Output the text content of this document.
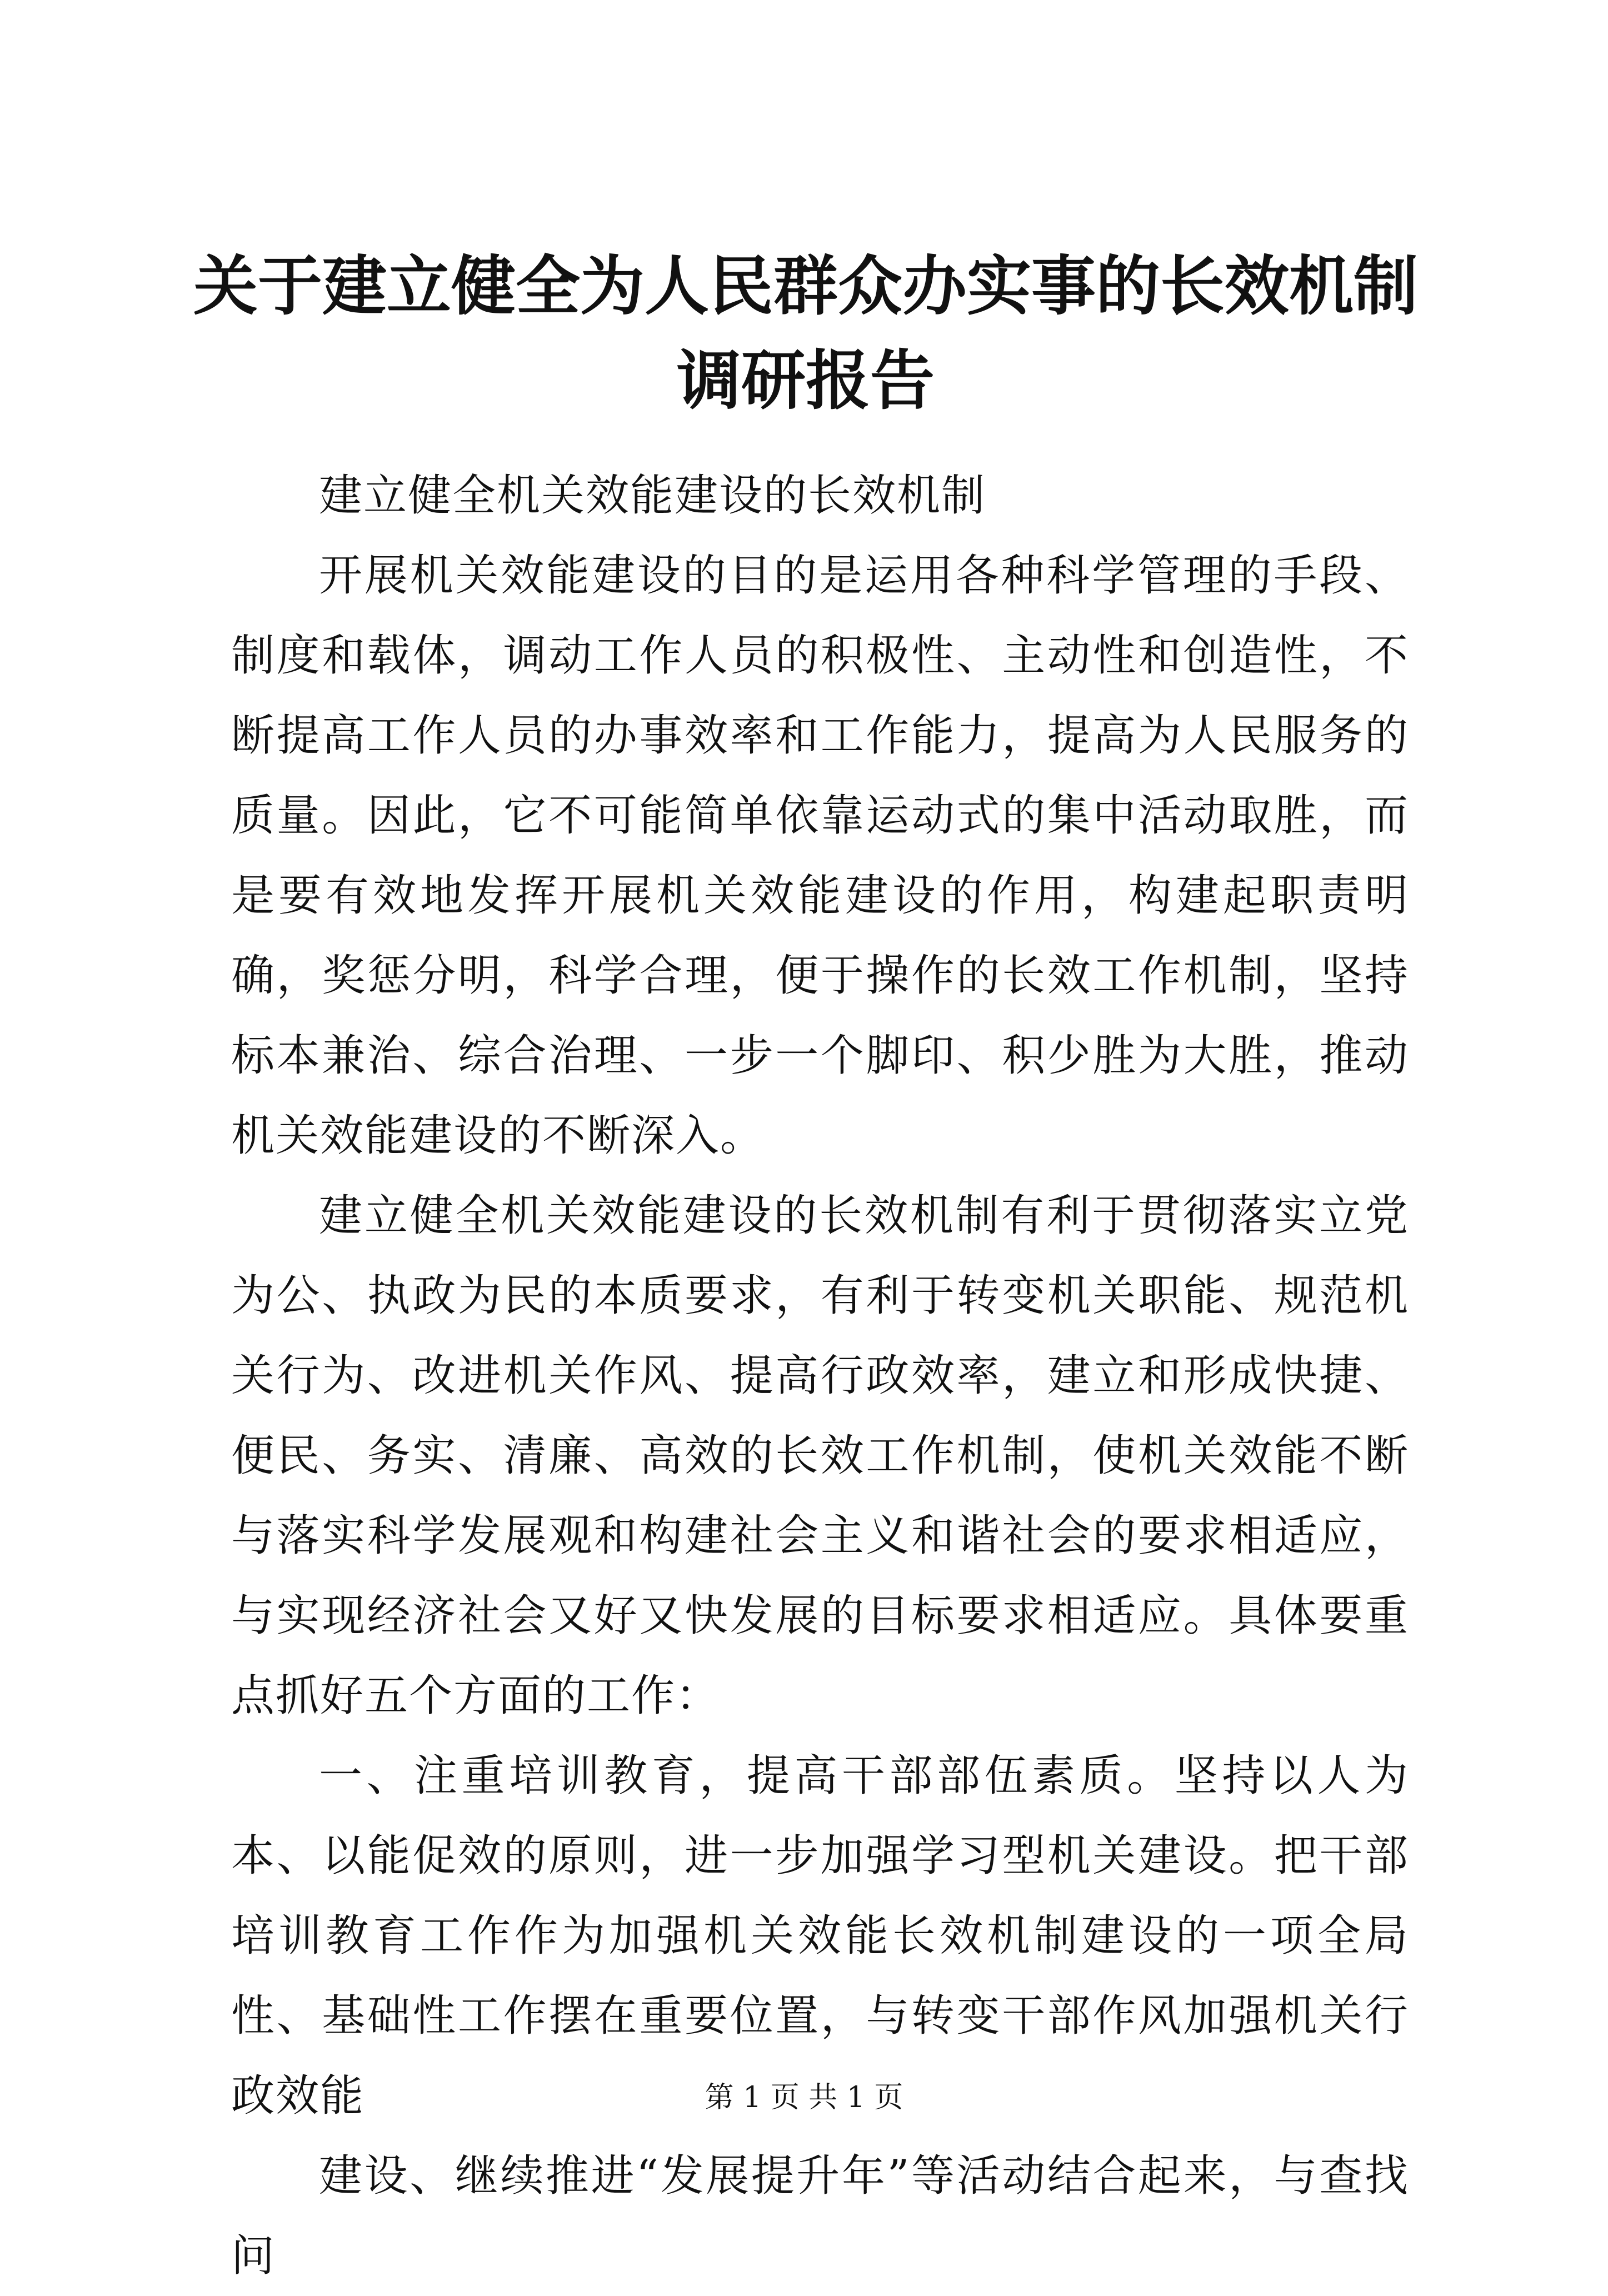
关于建立健全为人民群众办实事的长效机制调研报告

建立健全机关效能建设的长效机制

开展机关效能建设的目的是运用各种科学管理的手段、制度和载体，调动工作人员的积极性、主动性和创造性，不断提高工作人员的办事效率和工作能力，提高为人民服务的质量。因此，它不可能简单依靠运动式的集中活动取胜，而是要有效地发挥开展机关效能建设的作用，构建起职责明确，奖惩分明，科学合理，便于操作的长效工作机制，坚持标本兼治、综合治理、一步一个脚印、积少胜为大胜，推动机关效能建设的不断深入。

建立健全机关效能建设的长效机制有利于贯彻落实立党为公、执政为民的本质要求，有利于转变机关职能、规范机关行为、改进机关作风、提高行政效率，建立和形成快捷、便民、务实、清廉、高效的长效工作机制，使机关效能不断与落实科学发展观和构建社会主义和谐社会的要求相适应，与实现经济社会又好又快发展的目标要求相适应。具体要重点抓好五个方面的工作：

一、注重培训教育，提高干部部伍素质。坚持以人为本、以能促效的原则，进一步加强学习型机关建设。把干部培训教育工作作为加强机关效能长效机制建设的一项全局性、基础性工作摆在重要位置，与转变干部作风加强机关行政效能

建设、继续推进“发展提升年”等活动结合起来，与查找问

第 1 页 共 1 页
